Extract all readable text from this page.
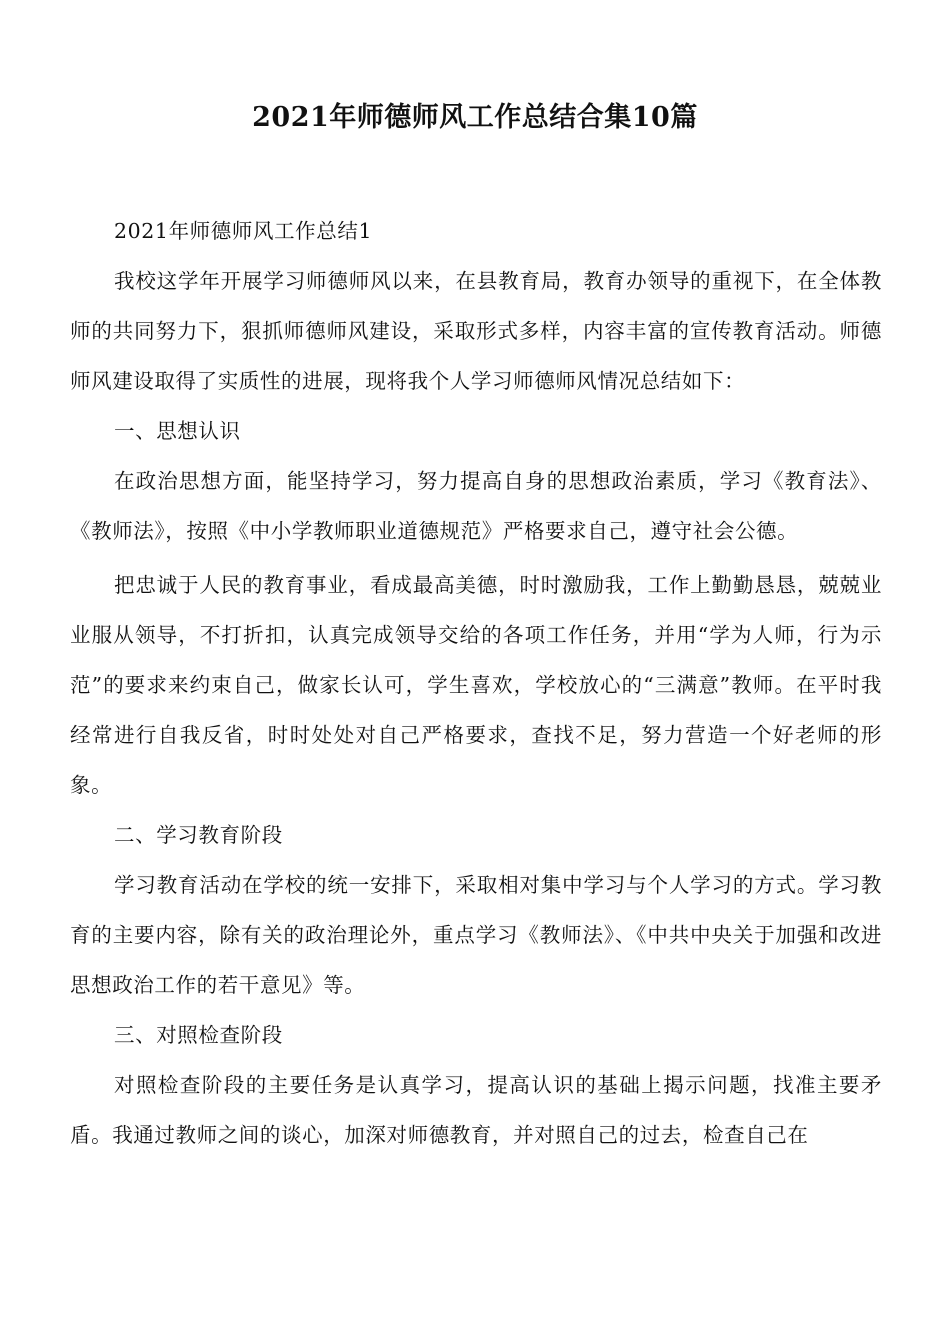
2021年师德师风工作总结合集10篇

2021年师德师风工作总结1

我校这学年开展学习师德师风以来，在县教育局，教育办领导的重视下，在全体教师的共同努力下，狠抓师德师风建设，采取形式多样，内容丰富的宣传教育活动。师德师风建设取得了实质性的进展，现将我个人学习师德师风情况总结如下：

一、思想认识

在政治思想方面，能坚持学习，努力提高自身的思想政治素质，学习《教育法》、《教师法》，按照《中小学教师职业道德规范》严格要求自己，遵守社会公德。

把忠诚于人民的教育事业，看成最高美德，时时激励我，工作上勤勤恳恳，兢兢业业服从领导，不打折扣，认真完成领导交给的各项工作任务，并用“学为人师，行为示范”的要求来约束自己，做家长认可，学生喜欢，学校放心的“三满意”教师。在平时我经常进行自我反省，时时处处对自己严格要求，查找不足，努力营造一个好老师的形象。

二、学习教育阶段

学习教育活动在学校的统一安排下，采取相对集中学习与个人学习的方式。学习教育的主要内容，除有关的政治理论外，重点学习《教师法》、《中共中央关于加强和改进思想政治工作的若干意见》等。

三、对照检查阶段

对照检查阶段的主要任务是认真学习，提高认识的基础上揭示问题，找准主要矛盾。我通过教师之间的谈心，加深对师德教育，并对照自己的过去，检查自己在
